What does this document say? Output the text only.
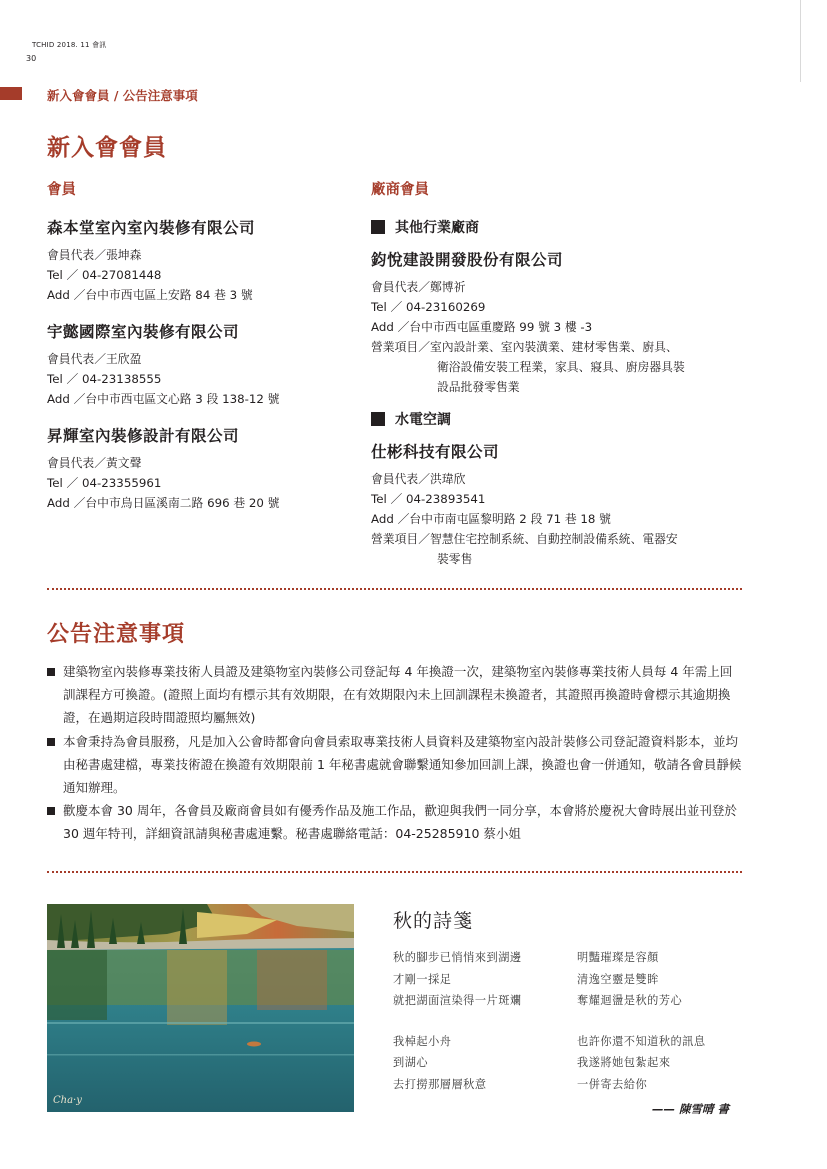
TCHID 2018. 11 會訊
30
新入會會員 / 公告注意事項
新入會會員
會員
森本堂室內室內裝修有限公司

會員代表／張坤森

Tel ／ 04-27081448

Add ／台中市西屯區上安路 84 巷 3 號

宇懿國際室內裝修有限公司

會員代表／王欣盈

Tel ／ 04-23138555

Add ／台中市西屯區文心路 3 段 138-12 號

昇輝室內裝修設計有限公司

會員代表／黃文聲

Tel ／ 04-23355961

Add ／台中市烏日區溪南二路 696 巷 20 號

廠商會員
其他行業廠商
鈞悅建設開發股份有限公司

會員代表／鄭博祈

Tel ／ 04-23160269

Add ／台中市西屯區重慶路 99 號 3 樓 -3

營業項目／室內設計業、室內裝潢業、建材零售業、廚具、

衛浴設備安裝工程業，家具、寢具、廚房器具裝

設品批發零售業

水電空調
仕彬科技有限公司

會員代表／洪瑋欣

Tel ／ 04-23893541

Add ／台中市南屯區黎明路 2 段 71 巷 18 號

營業項目／智慧住宅控制系統、自動控制設備系統、電器安

裝零售

公告注意事項

建築物室內裝修專業技術人員證及建築物室內裝修公司登記每 4 年換證一次，建築物室內裝修專業技術人員每 4 年需上回訓課程方可換證。(證照上面均有標示其有效期限，在有效期限內未上回訓課程未換證者，其證照再換證時會標示其逾期換證，在過期這段時間證照均屬無效)

本會秉持為會員服務，凡是加入公會時都會向會員索取專業技術人員資料及建築物室內設計裝修公司登記證資料影本，並均由秘書處建檔，專業技術證在換證有效期限前 1 年秘書處就會聯繫通知參加回訓上課，換證也會一併通知，敬請各會員靜候通知辦理。

歡慶本會 30 周年，各會員及廠商會員如有優秀作品及施工作品，歡迎與我們一同分享，本會將於慶祝大會時展出並刊登於 30 週年特刊，詳細資訊請與秘書處連繫。秘書處聯絡電話：04-25285910 蔡小姐

Cha·y
秋的詩箋

秋的腳步已悄悄來到湖邊

才剛一採足

就把湖面渲染得一片斑斕

我棹起小舟

到湖心

去打撈那層層秋意

明豔璀璨是容顏

清逸空靈是雙眸

奪耀迴盪是秋的芳心

也許你還不知道秋的訊息

我遂將她包紮起來

一併寄去給你

—— 陳雪晴 書
